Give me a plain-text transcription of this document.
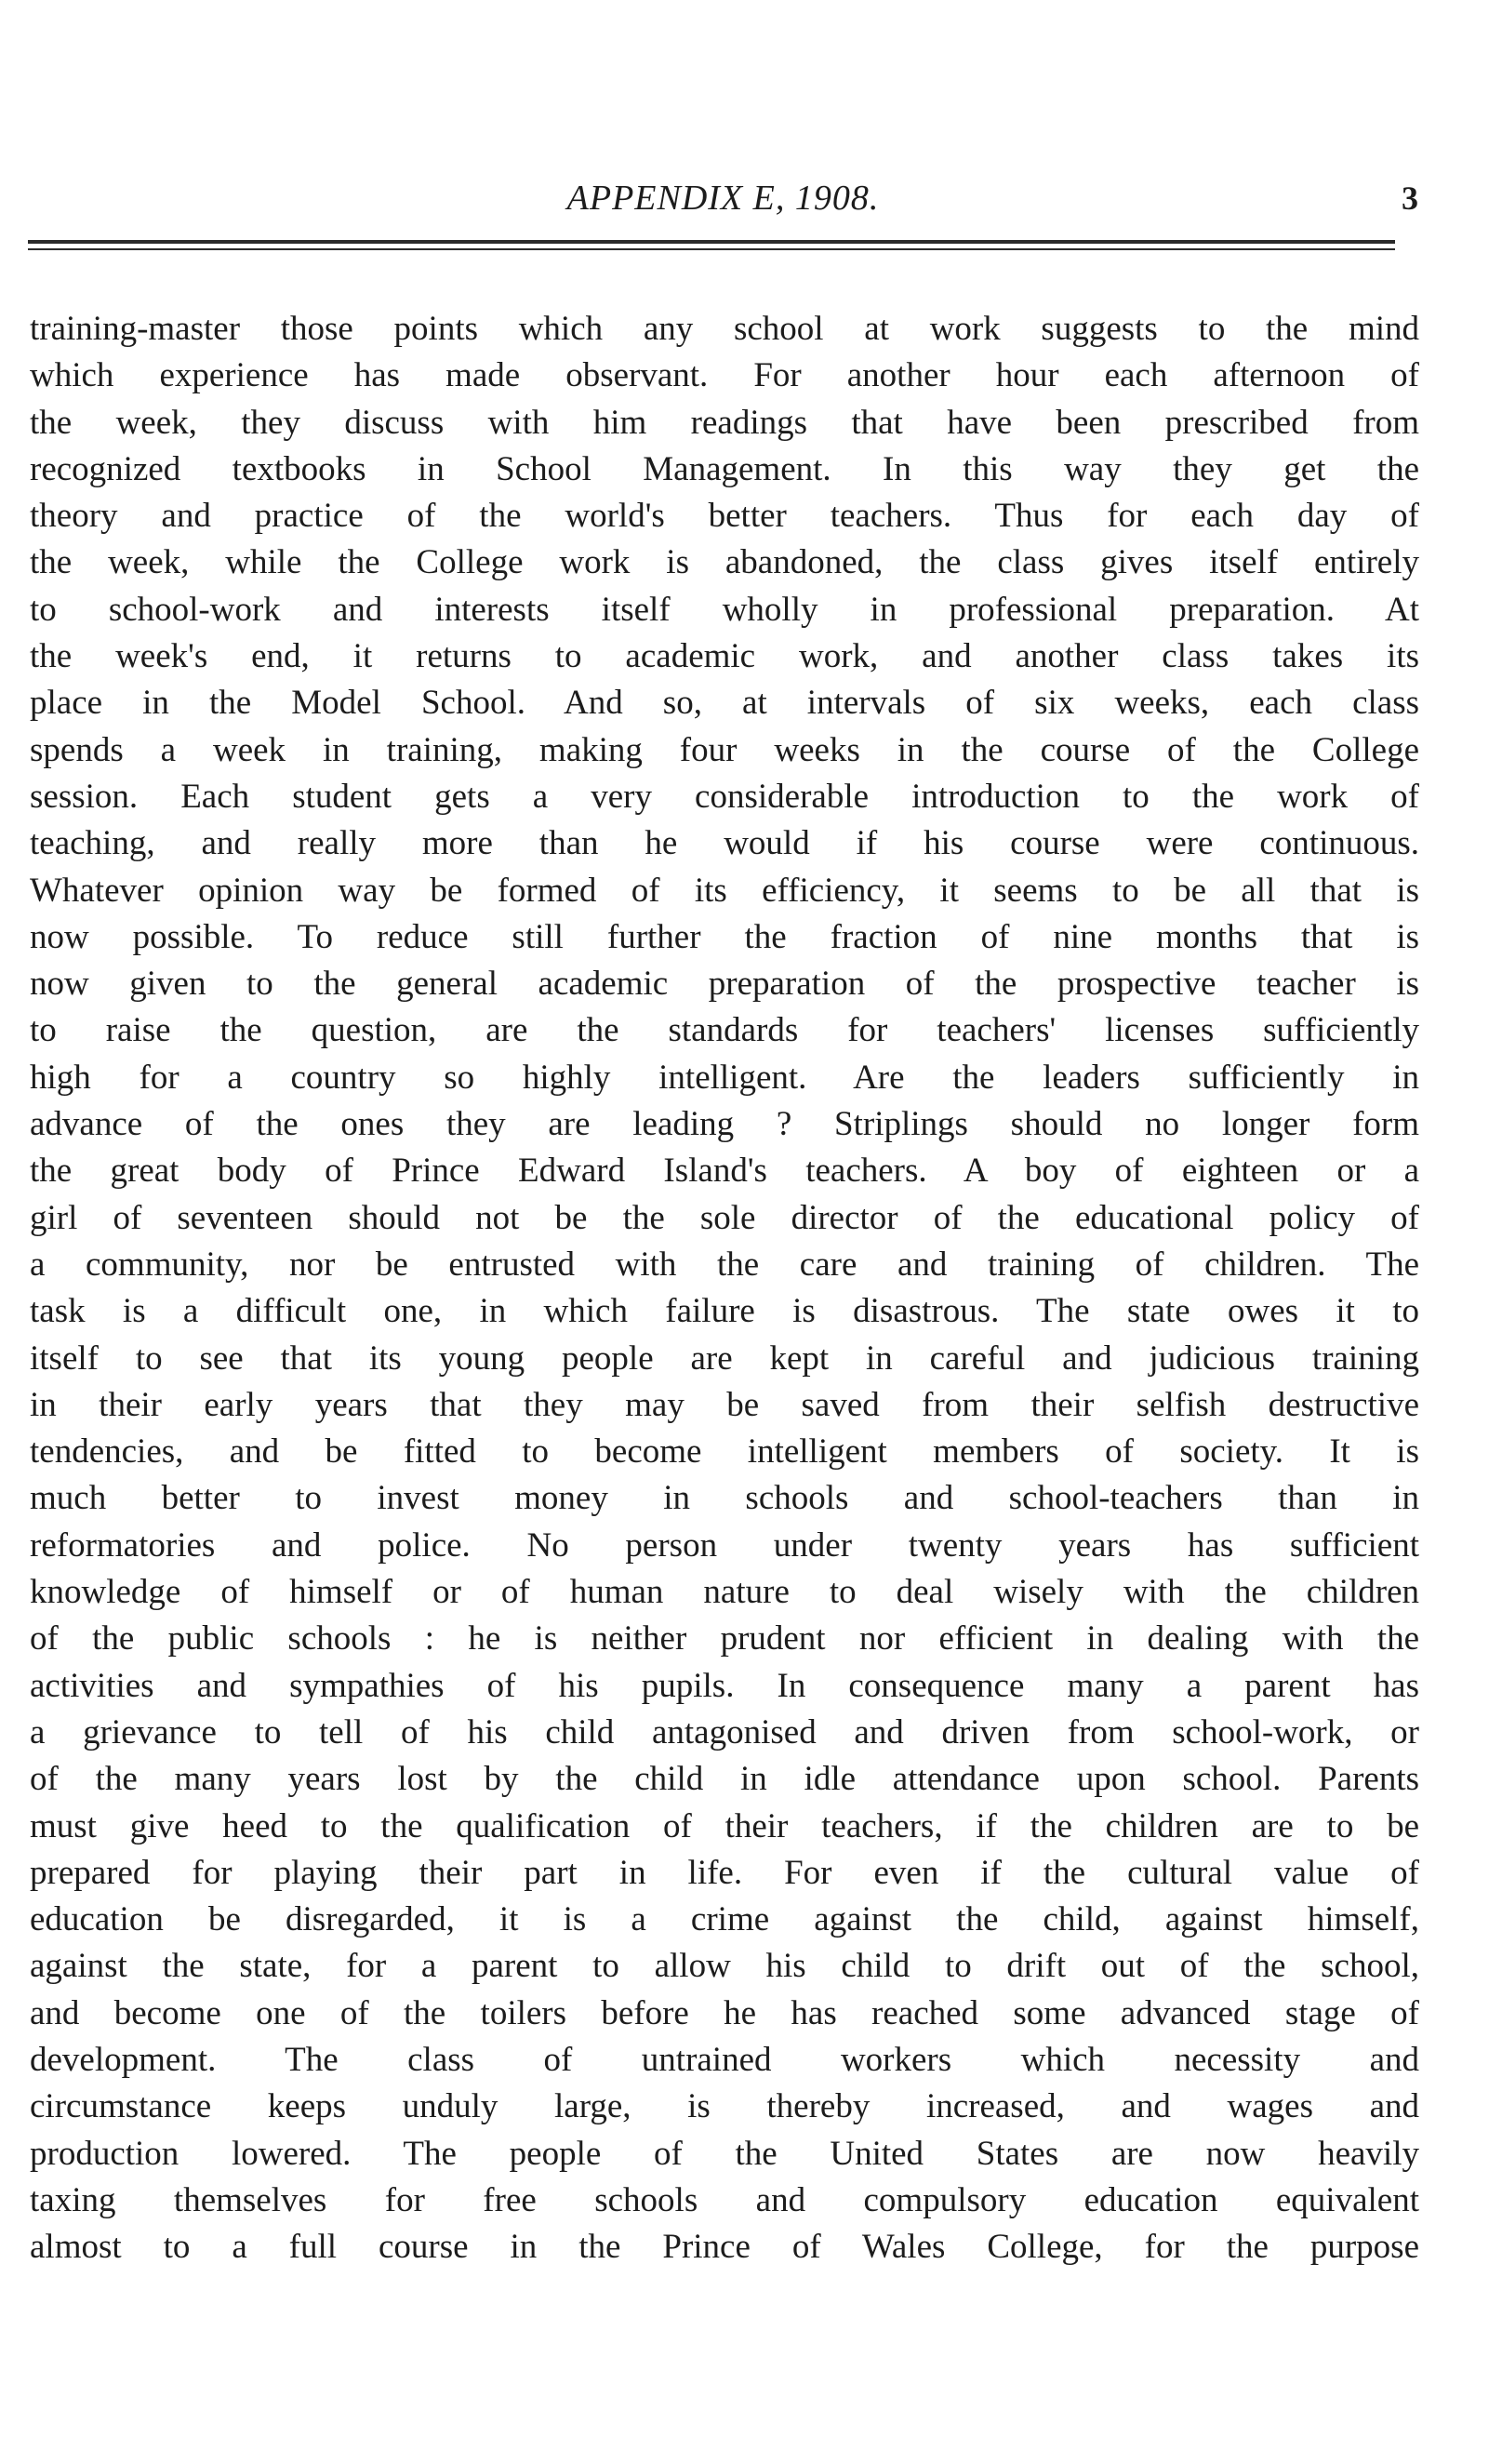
APPENDIX E, 1908.	3
training-master those points which any school at work suggests to the mind
which experience has made observant. For another hour each afternoon of
the week, they discuss with him readings that have been prescribed from
recognized textbooks in School Management. In this way they get the
theory and practice of the world's better teachers. Thus for each day of
the week, while the College work is abandoned, the class gives itself entirely
to school-work and interests itself wholly in professional preparation. At
the week's end, it returns to academic work, and another class takes its
place in the Model School. And so, at intervals of six weeks, each class
spends a week in training, making four weeks in the course of the College
session. Each student gets a very considerable introduction to the work of
teaching, and really more than he would if his course were continuous.
Whatever opinion way be formed of its efficiency, it seems to be all that is
now possible. To reduce still further the fraction of nine months that is
now given to the general academic preparation of the prospective teacher is
to raise the question, are the standards for teachers' licenses sufficiently
high for a country so highly intelligent. Are the leaders sufficiently in
advance of the ones they are leading ? Striplings should no longer form
the great body of Prince Edward Island's teachers. A boy of eighteen or a
girl of seventeen should not be the sole director of the educational policy of
a community, nor be entrusted with the care and training of children. The
task is a difficult one, in which failure is disastrous. The state owes it to
itself to see that its young people are kept in careful and judicious training
in their early years that they may be saved from their selfish destructive
tendencies, and be fitted to become intelligent members of society. It is
much better to invest money in schools and school-teachers than in
reformatories and police. No person under twenty years has sufficient
knowledge of himself or of human nature to deal wisely with the children
of the public schools : he is neither prudent nor efficient in dealing with the
activities and sympathies of his pupils. In consequence many a parent has
a grievance to tell of his child antagonised and driven from school-work, or
of the many years lost by the child in idle attendance upon school. Parents
must give heed to the qualification of their teachers, if the children are to be
prepared for playing their part in life. For even if the cultural value of
education be disregarded, it is a crime against the child, against himself,
against the state, for a parent to allow his child to drift out of the school,
and become one of the toilers before he has reached some advanced stage of
development. The class of untrained workers which necessity and
circumstance keeps unduly large, is thereby increased, and wages and
production lowered. The people of the United States are now heavily
taxing themselves for free schools and compulsory education equivalent
almost to a full course in the Prince of Wales College, for the purpose
